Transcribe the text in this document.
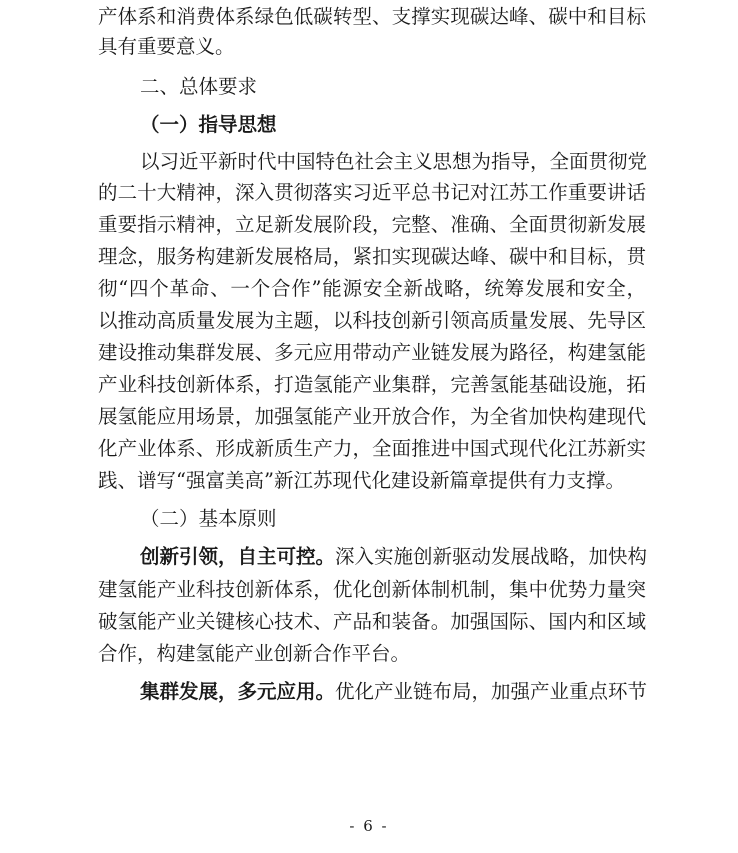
产体系和消费体系绿色低碳转型、支撑实现碳达峰、碳中和目标
具有重要意义。
二、总体要求
（一）指导思想
以习近平新时代中国特色社会主义思想为指导，全面贯彻党
的二十大精神，深入贯彻落实习近平总书记对江苏工作重要讲话
重要指示精神，立足新发展阶段，完整、准确、全面贯彻新发展
理念，服务构建新发展格局，紧扣实现碳达峰、碳中和目标，贯
彻“四个革命、一个合作”能源安全新战略，统筹发展和安全，
以推动高质量发展为主题，以科技创新引领高质量发展、先导区
建设推动集群发展、多元应用带动产业链发展为路径，构建氢能
产业科技创新体系，打造氢能产业集群，完善氢能基础设施，拓
展氢能应用场景，加强氢能产业开放合作，为全省加快构建现代
化产业体系、形成新质生产力，全面推进中国式现代化江苏新实
践、谱写“强富美高”新江苏现代化建设新篇章提供有力支撑。
（二）基本原则
创新引领，自主可控。深入实施创新驱动发展战略，加快构
建氢能产业科技创新体系，优化创新体制机制，集中优势力量突
破氢能产业关键核心技术、产品和装备。加强国际、国内和区域
合作，构建氢能产业创新合作平台。
集群发展，多元应用。优化产业链布局，加强产业重点环节
- 6 -
